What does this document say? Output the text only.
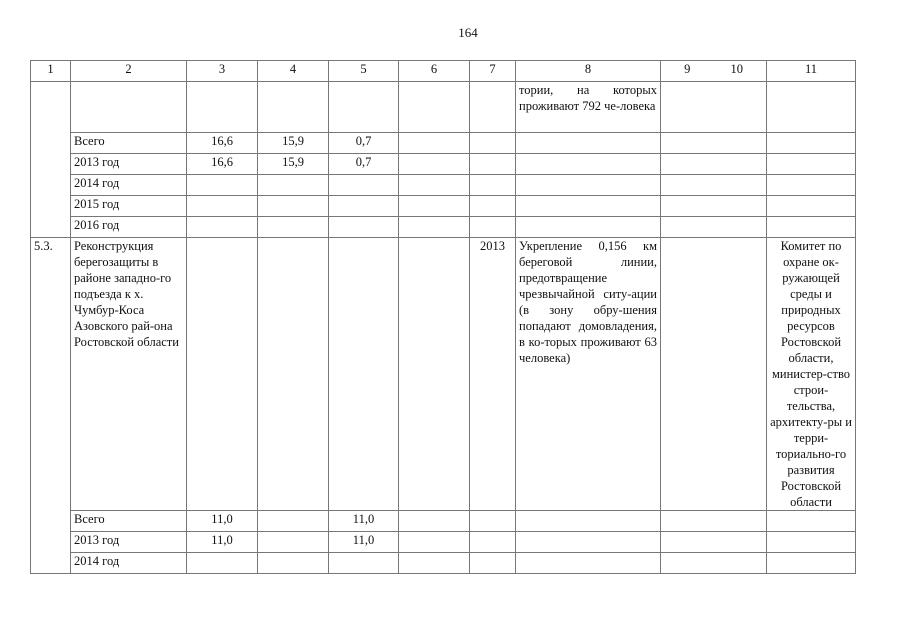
164
1	2	3	4	5	6	7	8	9 10	11
							тории, на которых проживают 792 че-ловека		
	Всего	16,6	15,9	0,7					
	2013 год	16,6	15,9	0,7					
	2014 год								
	2015 год								
	2016 год								
5.3.	Реконструкция берегозащиты в районе западно-го подъезда к х. Чумбур-Коса Азовского рай-она Ростовской области					2013	Укрепление 0,156 км береговой линии, предотвращение чрезвычайной ситу-ации (в зону обру-шения попадают домовладения, в ко-торых проживают 63 человека)		Комитет по охране ок-ружающей среды и природных ресурсов Ростовской области, министер-ство строи-тельства, архитекту-ры и терри-ториально-го развития Ростовской области
	Всего	11,0		11,0					
	2013 год	11,0		11,0					
	2014 год								
